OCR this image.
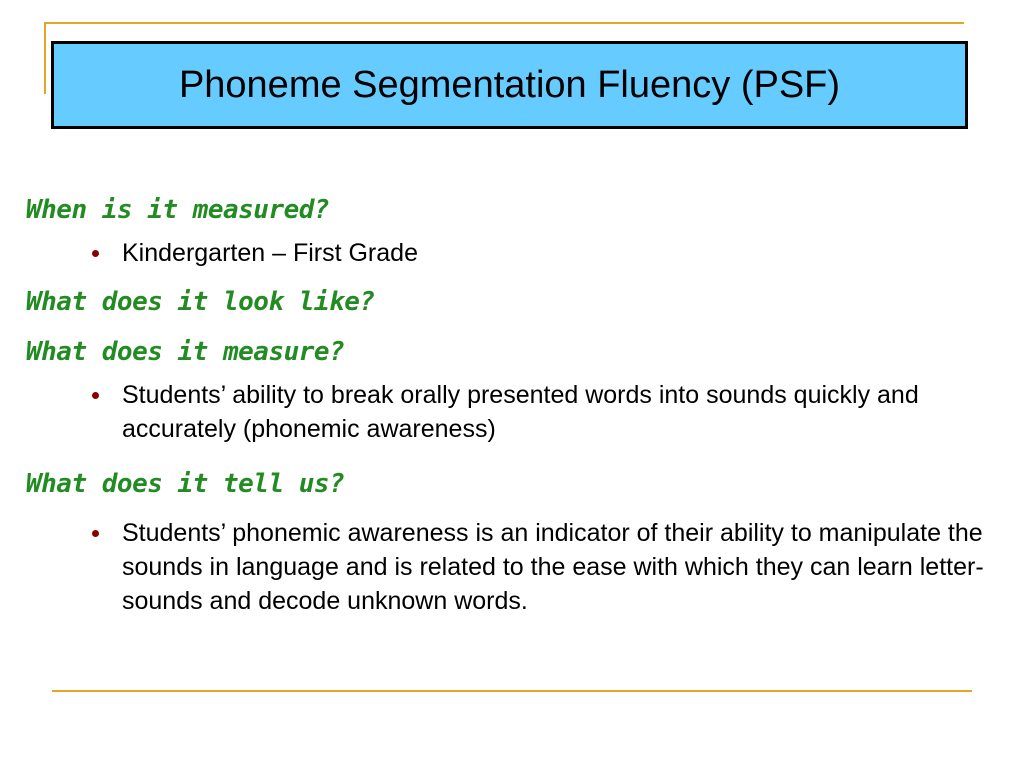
Phoneme Segmentation Fluency (PSF)

When is it measured?

Kindergarten – First Grade

What does it look like?

What does it measure?

Students’ ability to break orally presented words into sounds quickly and accurately (phonemic awareness)

What does it tell us?

Students’ phonemic awareness is an indicator of their ability to manipulate the sounds in language and is related to the ease with which they can learn letter-sounds and decode unknown words.
